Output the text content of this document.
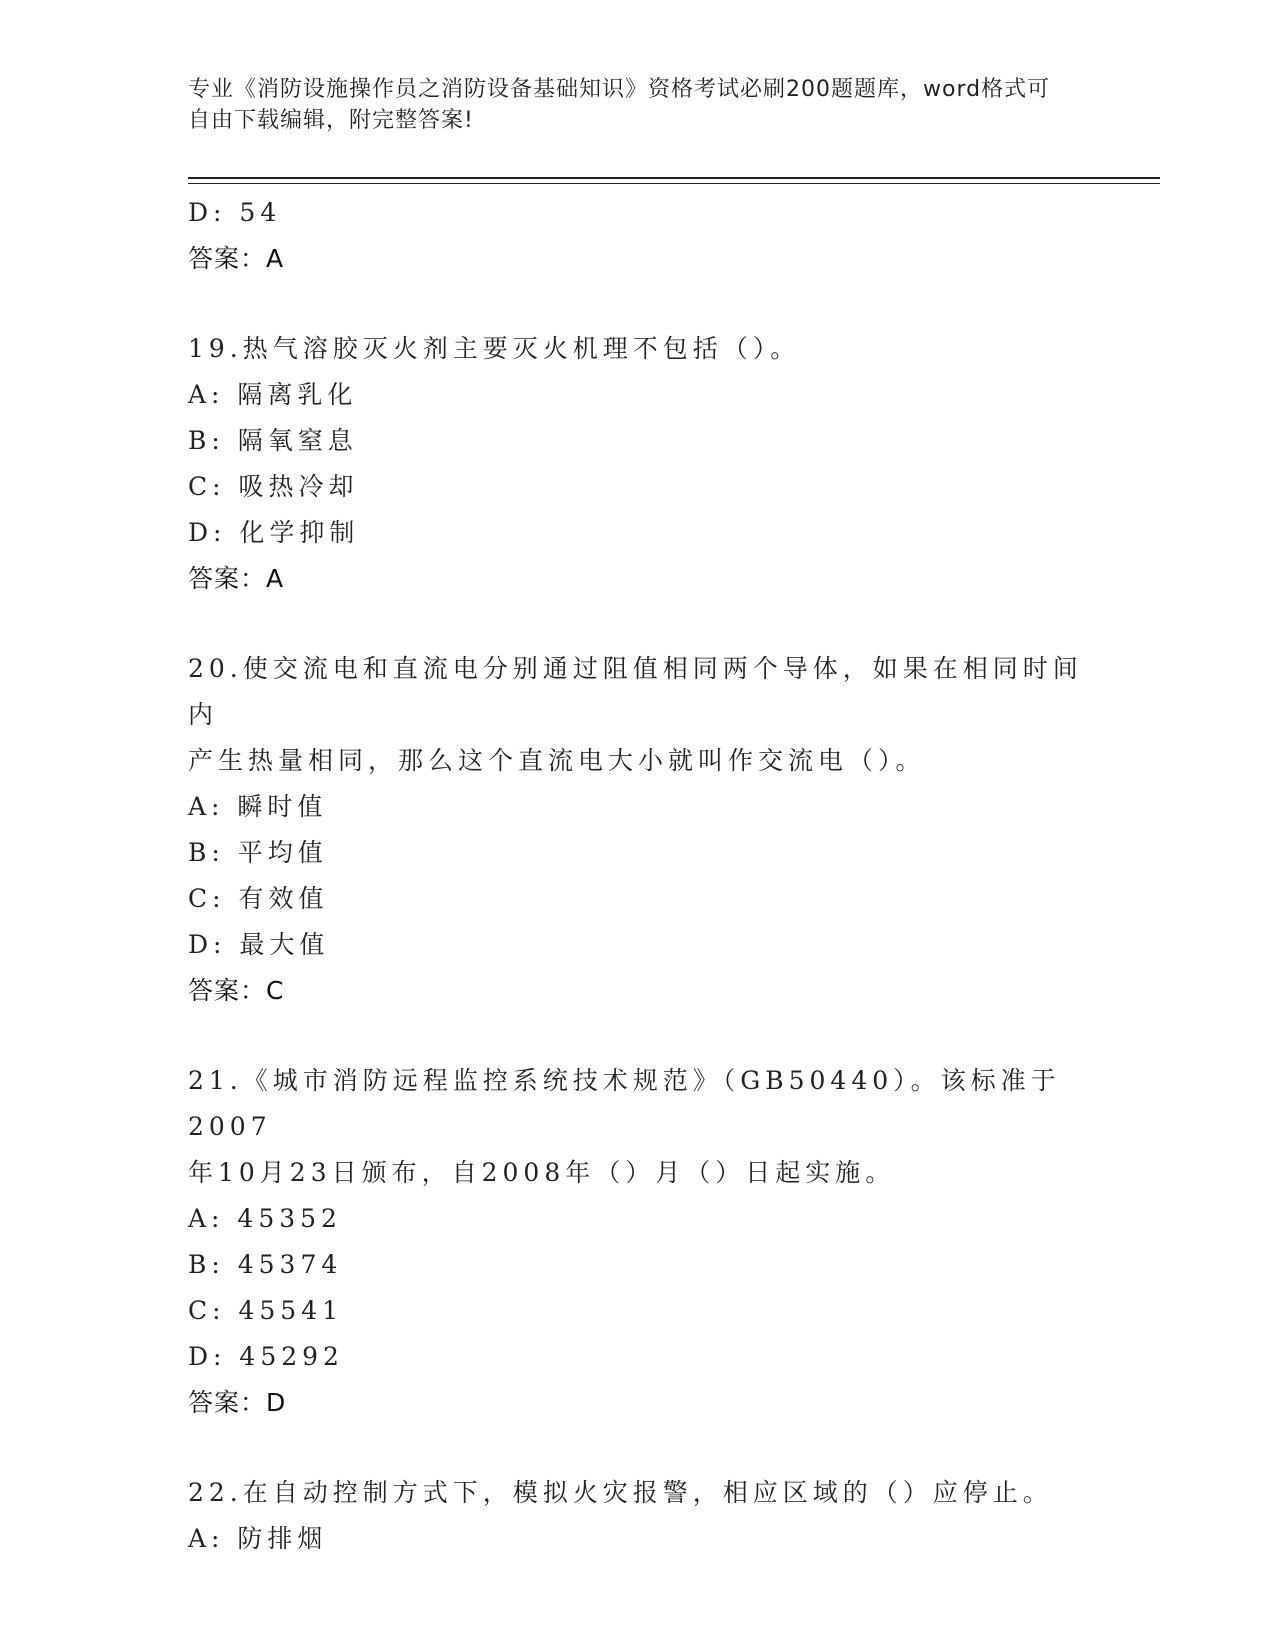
专业《消防设施操作员之消防设备基础知识》资格考试必刷200题题库，word格式可自由下载编辑，附完整答案!
D: 54
答案：A
19.热气溶胶灭火剂主要灭火机理不包括（）。
A: 隔离乳化
B: 隔氧窒息
C: 吸热冷却
D: 化学抑制
答案：A
20.使交流电和直流电分别通过阻值相同两个导体，如果在相同时间内
产生热量相同，那么这个直流电大小就叫作交流电（）。
A: 瞬时值
B: 平均值
C: 有效值
D: 最大值
答案：C
21.《城市消防远程监控系统技术规范》（GB50440）。该标准于2007
年10月23日颁布，自2008年（）月（）日起实施。
A: 45352
B: 45374
C: 45541
D: 45292
答案：D
22.在自动控制方式下，模拟火灾报警，相应区域的（）应停止。
A: 防排烟
